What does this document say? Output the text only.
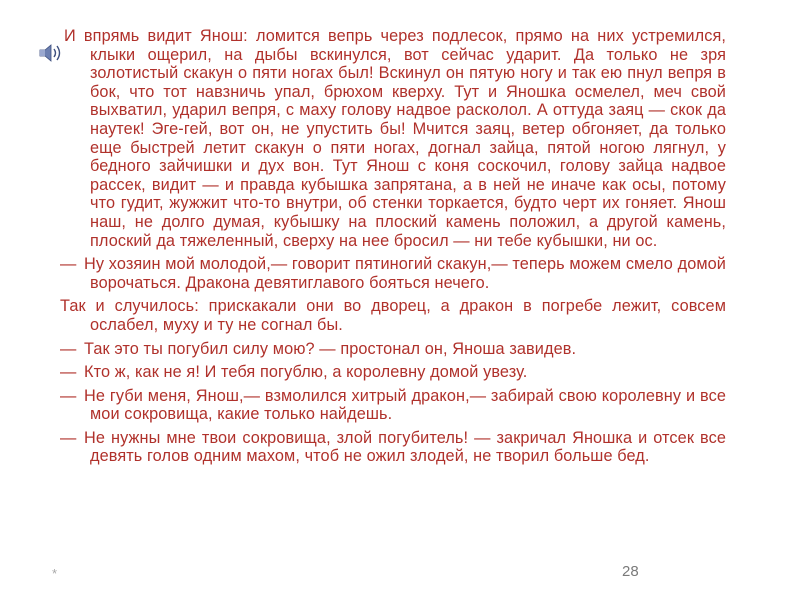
И впрямь видит Янош: ломится вепрь через подлесок, прямо на них устремился, клыки ощерил, на дыбы вскинулся, вот сейчас ударит. Да только не зря золотистый скакун о пяти ногах был! Вскинул он пятую ногу и так ею пнул вепря в бок, что тот навзничь упал, брюхом кверху. Тут и Яношка осмелел, меч свой выхватил, ударил вепря, с маху голову надвое расколол. А оттуда заяц — скок да наутек! Эге-гей, вот он, не упустить бы! Мчится заяц, ветер обгоняет, да только еще быстрей летит скакун о пяти ногах, догнал зайца, пятой ногою лягнул, у бедного зайчишки и дух вон. Тут Янош с коня соскочил, голову зайца надвое рассек, видит — и правда кубышка запрятана, а в ней не иначе как осы, потому что гудит, жужжит что-то внутри, об стенки торкается, будто черт их гоняет. Янош наш, не долго думая, кубышку на плоский камень положил, а другой камень, плоский да тяжеленный, сверху на нее бросил — ни тебе кубышки, ни ос.

— Ну хозяин мой молодой,— говорит пятиногий скакун,— теперь можем смело домой ворочаться. Дракона девятиглавого бояться нечего.

Так и случилось: прискакали они во дворец, а дракон в погребе лежит, совсем ослабел, муху и ту не согнал бы.

— Так это ты погубил силу мою? — простонал он, Яноша завидев.

— Кто ж, как не я! И тебя погублю, а королевну домой увезу.

— Не губи меня, Янош,— взмолился хитрый дракон,— забирай свою королевну и все мои сокровища, какие только найдешь.

— Не нужны мне твои сокровища, злой погубитель! — закричал Яношка и отсек все девять голов одним махом, чтоб не ожил злодей, не творил больше бед.

*	28
